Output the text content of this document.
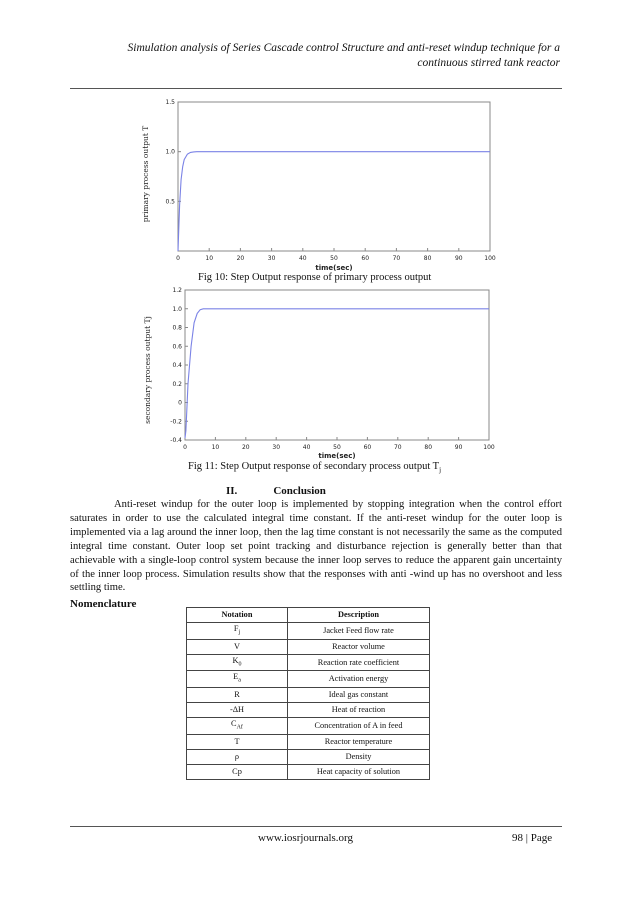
Simulation analysis of Series Cascade control Structure and anti-reset windup technique for a
continuous stirred tank reactor
0	10	20	30	40	50	60	70	80	90	100
0.5
1.0
1.5
time(sec)
primary process output T
0	10	20	30	40	50	60	70	80	90	100
-0.4
-0.2
0
0.2
0.4
0.6
0.8
1.0
1.2
time(sec)
secondary process output Tj
Fig 10: Step Output response of primary process output
Fig 11: Step Output response of secondary process output $T_j$
II.	Conclusion
Anti-reset windup for the outer loop is implemented by stopping integration when the control effort saturates in order to use the calculated integral time constant. If the anti-reset windup for the outer loop is implemented via a lag around the inner loop, then the lag time constant is not necessarily the same as the computed integral time constant. Outer loop set point tracking and disturbance rejection is generally better than that achievable with a single-loop control system because the inner loop serves to reduce the apparent gain uncertainty of the inner loop process. Simulation results show that the responses with anti -wind up has no overshoot and less settling time.
Nomenclature
Notation	Description
$F_j$	Jacket Feed flow rate
V	Reactor volume
$K_0$	Reaction rate coefficient
$E_a$	Activation energy
R	Ideal gas constant
-ΔH	Heat of reaction
$C_{Af}$	Concentration of A in feed
T	Reactor temperature
ρ	Density
Cp	Heat capacity of solution
www.iosrjournals.org	98 | Page
